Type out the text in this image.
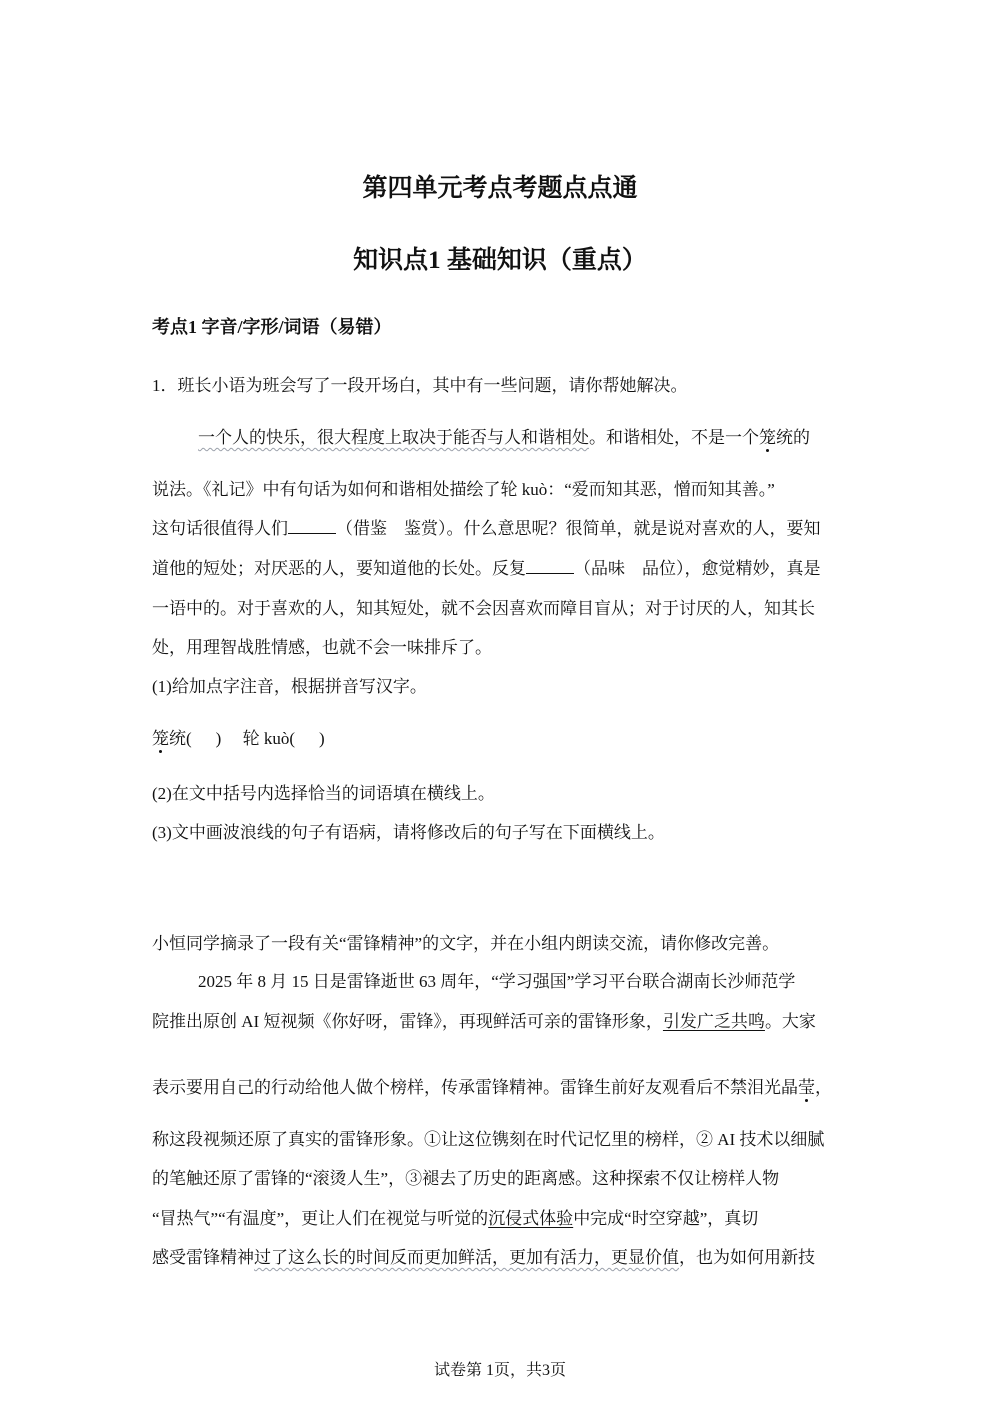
第四单元考点考题点点通
知识点1 基础知识（重点）
考点1 字音/字形/词语（易错）
1．班长小语为班会写了一段开场白，其中有一些问题，请你帮她解决。
一个人的快乐，很大程度上取决于能否与人和谐相处。和谐相处，不是一个笼统的
说法。《礼记》中有句话为如何和谐相处描绘了轮 kuò：“爱而知其恶，憎而知其善。”
这句话很值得人们	（借鉴　鉴赏）。什么意思呢？很简单，就是说对喜欢的人，要知
道他的短处；对厌恶的人，要知道他的长处。反复	（品味　品位），愈觉精妙，真是
一语中的。对于喜欢的人，知其短处，就不会因喜欢而障目盲从；对于讨厌的人，知其长
处，用理智战胜情感，也就不会一味排斥了。
(1)给加点字注音，根据拼音写汉字。
笼统( )　 轮 kuò( )
(2)在文中括号内选择恰当的词语填在横线上。
(3)文中画波浪线的句子有语病，请将修改后的句子写在下面横线上。
小恒同学摘录了一段有关“雷锋精神”的文字，并在小组内朗读交流，请你修改完善。
2025 年 8 月 15 日是雷锋逝世 63 周年，“学习强国”学习平台联合湖南长沙师范学
院推出原创 AI 短视频《你好呀，雷锋》，再现鲜活可亲的雷锋形象，引发广乏共鸣。大家
表示要用自己的行动给他人做个榜样，传承雷锋精神。雷锋生前好友观看后不禁泪光晶莹，
称这段视频还原了真实的雷锋形象。①让这位镌刻在时代记忆里的榜样，② AI 技术以细腻
的笔触还原了雷锋的“滚烫人生”，③褪去了历史的距离感。这种探索不仅让榜样人物
“冒热气”“有温度”，更让人们在视觉与听觉的沉侵式体验中完成“时空穿越”，真切
感受雷锋精神过了这么长的时间反而更加鲜活，更加有活力，更显价值，也为如何用新技
试卷第 1页，共3页
